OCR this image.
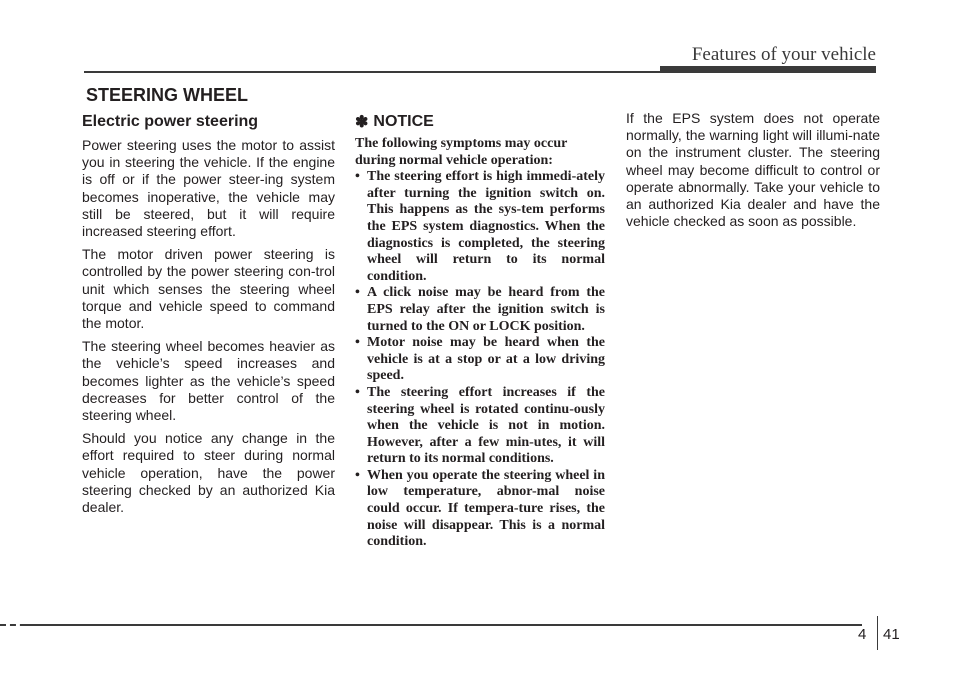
Features of your vehicle
STEERING WHEEL
Electric power steering

Power steering uses the motor to assist you in steering the vehicle. If the engine is off or if the power steer-ing system becomes inoperative, the vehicle may still be steered, but it will require increased steering effort.

The motor driven power steering is controlled by the power steering con-trol unit which senses the steering wheel torque and vehicle speed to command the motor.

The steering wheel becomes heavier as the vehicle’s speed increases and becomes lighter as the vehicle’s speed decreases for better control of the steering wheel.

Should you notice any change in the effort required to steer during normal vehicle operation, have the power steering checked by an authorized Kia dealer.

✽ NOTICE

The following symptoms may occur during normal vehicle operation:

• The steering effort is high immedi-ately after turning the ignition switch on. This happens as the sys-tem performs the EPS system diagnostics. When the diagnostics is completed, the steering wheel will return to its normal condition.
• A click noise may be heard from the EPS relay after the ignition switch is turned to the ON or LOCK position.
• Motor noise may be heard when the vehicle is at a stop or at a low driving speed.
• The steering effort increases if the steering wheel is rotated continu-ously when the vehicle is not in motion. However, after a few min-utes, it will return to its normal conditions.
• When you operate the steering wheel in low temperature, abnor-mal noise could occur. If tempera-ture rises, the noise will disappear. This is a normal condition.

If the EPS system does not operate normally, the warning light will illumi-nate on the instrument cluster. The steering wheel may become difficult to control or operate abnormally. Take your vehicle to an authorized Kia dealer and have the vehicle checked as soon as possible.

4 41
